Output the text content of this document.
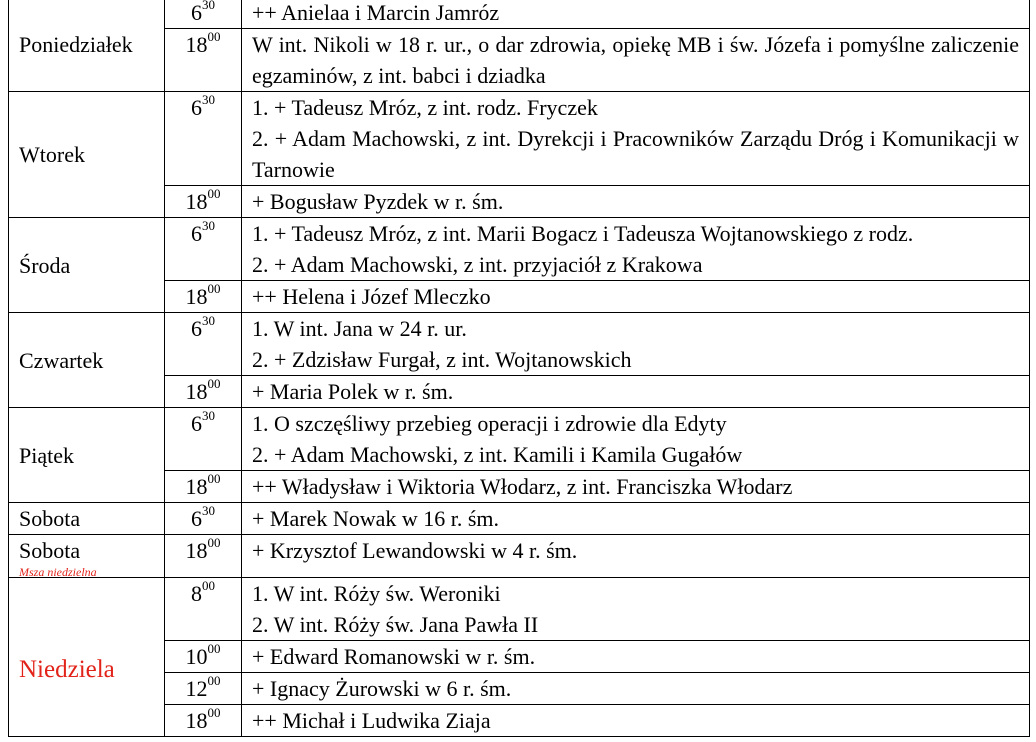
Poniedziałek	$6^{30}$	++ Anielaa i Marcin Jamróz

	$18^{00}$	W int. Nikoli w 18 r. ur., o dar zdrowia, opiekę MB i św. Józefa i pomyślne zaliczenie egzaminów, z int. babci i dziadka

Wtorek	$6^{30}$	1. + Tadeusz Mróz, z int. rodz. Fryczek
2. + Adam Machowski, z int. Dyrekcji i Pracowników Zarządu Dróg i Komunikacji w Tarnowie

	$18^{00}$	+ Bogusław Pyzdek w r. śm.

Środa	$6^{30}$	1. + Tadeusz Mróz, z int. Marii Bogacz i Tadeusza Wojtanowskiego z rodz.
2. + Adam Machowski, z int. przyjaciół z Krakowa

	$18^{00}$	++ Helena i Józef Mleczko

Czwartek	$6^{30}$	1. W int. Jana w 24 r. ur.
2. + Zdzisław Furgał, z int. Wojtanowskich

	$18^{00}$	+ Maria Polek w r. śm.

Piątek	$6^{30}$	1. O szczęśliwy przebieg operacji i zdrowie dla Edyty
2. + Adam Machowski, z int. Kamili i Kamila Gugałów

	$18^{00}$	++ Władysław i Wiktoria Włodarz, z int. Franciszka Włodarz

Sobota	$6^{30}$	+ Marek Nowak w 16 r. śm.

Sobota
Msza niedzielna	$18^{00}$	+ Krzysztof Lewandowski w 4 r. śm.

Niedziela	$8^{00}$	1. W int. Róży św. Weroniki
2. W int. Róży św. Jana Pawła II

	$10^{00}$	+ Edward Romanowski w r. śm.

	$12^{00}$	+ Ignacy Żurowski w 6 r. śm.

	$18^{00}$	++ Michał i Ludwika Ziaja
